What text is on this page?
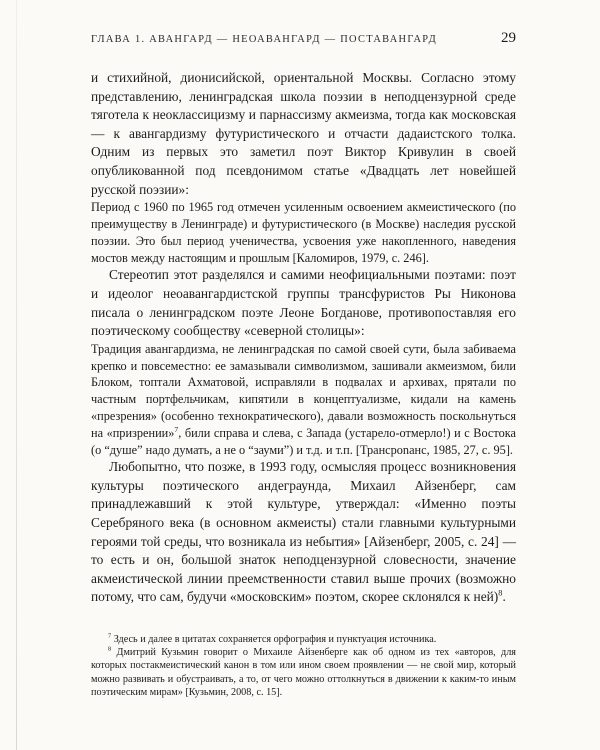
ГЛАВА 1. АВАНГАРД — НЕОАВАНГАРД — ПОСТАВАНГАРД	29

и стихийной, дионисийской, ориентальной Москвы. Согласно этому представлению, ленинградская школа поэзии в неподцензурной среде тяготела к неоклассицизму и парнассизму акмеизма, тогда как московская — к авангардизму футуристического и отчасти дадаистского толка. Одним из первых это заметил поэт Виктор Кривулин в своей опубликованной под псевдонимом статье «Двадцать лет новейшей русской поэзии»:

Период с 1960 по 1965 год отмечен усиленным освоением акмеистического (по преимуществу в Ленинграде) и футуристического (в Москве) наследия русской поэзии. Это был период ученичества, усвоения уже накопленного, наведения мостов между настоящим и прошлым [Каломиров, 1979, с. 246].

Стереотип этот разделялся и самими неофициальными поэтами: поэт и идеолог неоавангардистской группы трансфуристов Ры Никонова писала о ленинградском поэте Леоне Богданове, противопоставляя его поэтическому сообществу «северной столицы»:

Традиция авангардизма, не ленинградская по самой своей сути, была забиваема крепко и повсеместно: ее замазывали символизмом, зашивали акмеизмом, били Блоком, топтали Ахматовой, исправляли в подвалах и архивах, прятали по частным портфельчикам, кипятили в концептуализме, кидали на камень «презрения» (особенно технократического), давали возможность поскольнуться на «призрении»$^7$, били справа и слева, с Запада (устарело-отмерло!) и с Востока (о “душе” надо думать, а не о “зауми”) и т.д. и т.п. [Трансponанс, 1985, 27, с. 95].

Любопытно, что позже, в 1993 году, осмысляя процесс возникновения культуры поэтического андеграунда, Михаил Айзенберг, сам принадлежавший к этой культуре, утверждал: «Именно поэты Серебряного века (в основном акмеисты) стали главными культурными героями той среды, что возникала из небытия» [Айзенберг, 2005, с. 24] — то есть и он, большой знаток неподцензурной словесности, значение акмеистической линии преемственности ставил выше прочих (возможно потому, что сам, будучи «московским» поэтом, скорее склонялся к ней)$^8$.

$^7$ Здесь и далее в цитатах сохраняется орфография и пунктуация источника.

$^8$ Дмитрий Кузьмин говорит о Михаиле Айзенберге как об одном из тех «авторов, для которых постакмеистический канон в том или ином своем проявлении — не свой мир, который можно развивать и обустраивать, а то, от чего можно оттолкнуться в движении к каким-то иным поэтическим мирам» [Кузьмин, 2008, с. 15].
